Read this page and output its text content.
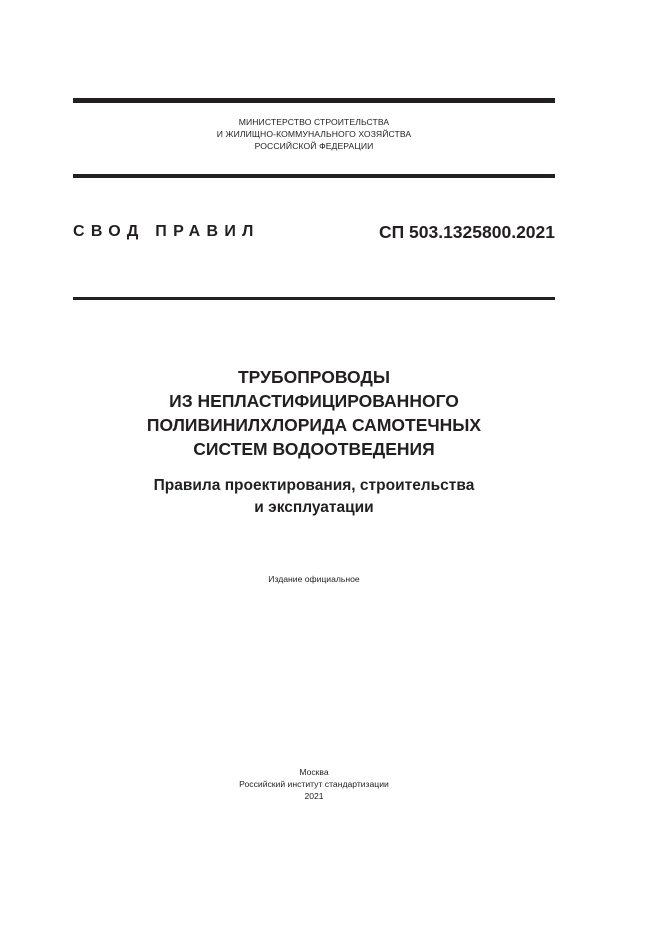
МИНИСТЕРСТВО СТРОИТЕЛЬСТВА
И ЖИЛИЩНО-КОММУНАЛЬНОГО ХОЗЯЙСТВА
РОССИЙСКОЙ ФЕДЕРАЦИИ
СВОД ПРАВИЛ	СП 503.1325800.2021
ТРУБОПРОВОДЫ
ИЗ НЕПЛАСТИФИЦИРОВАННОГО
ПОЛИВИНИЛХЛОРИДА САМОТЕЧНЫХ
СИСТЕМ ВОДООТВЕДЕНИЯ
Правила проектирования, строительства
и эксплуатации
Издание официальное
Москва
Российский институт стандартизации
2021
